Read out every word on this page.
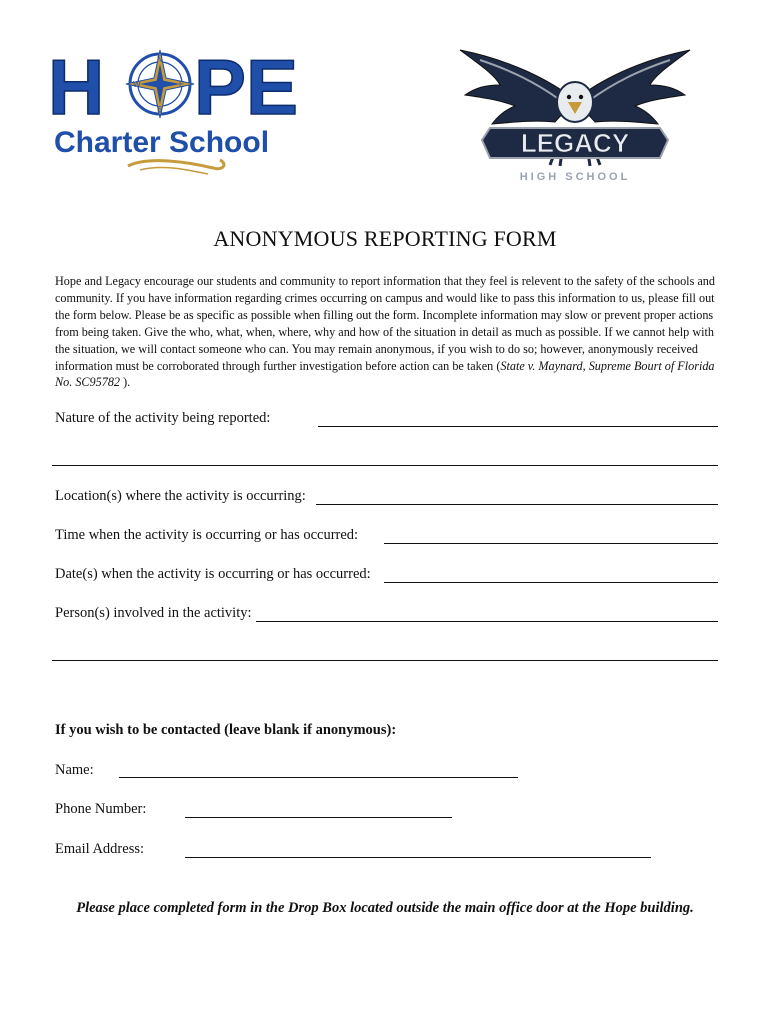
H	N
E
S
W PE
Charter School	LEGACY
HIGH SCHOOL
ANONYMOUS REPORTING FORM
Hope and Legacy encourage our students and community to report information that they feel is relevent to the safety of the schools and community. If you have information regarding crimes occurring on campus and would like to pass this information to us, please fill out the form below. Please be as specific as possible when filling out the form. Incomplete information may slow or prevent proper actions from being taken. Give the who, what, when, where, why and how of the situation in detail as much as possible. If we cannot help with the situation, we will contact someone who can. You may remain anonymous, if you wish to do so; however, anonymously received information must be corroborated through further investigation before action can be taken (State v. Maynard, Supreme Bourt of Florida No. SC95782 ).
Nature of the activity being reported:
Location(s) where the activity is occurring:
Time when the activity is occurring or has occurred:
Date(s) when the activity is occurring or has occurred:
Person(s) involved in the activity:
If you wish to be contacted (leave blank if anonymous):
Name:
Phone Number:
Email Address:
Please place completed form in the Drop Box located outside the main office door at the Hope building.
